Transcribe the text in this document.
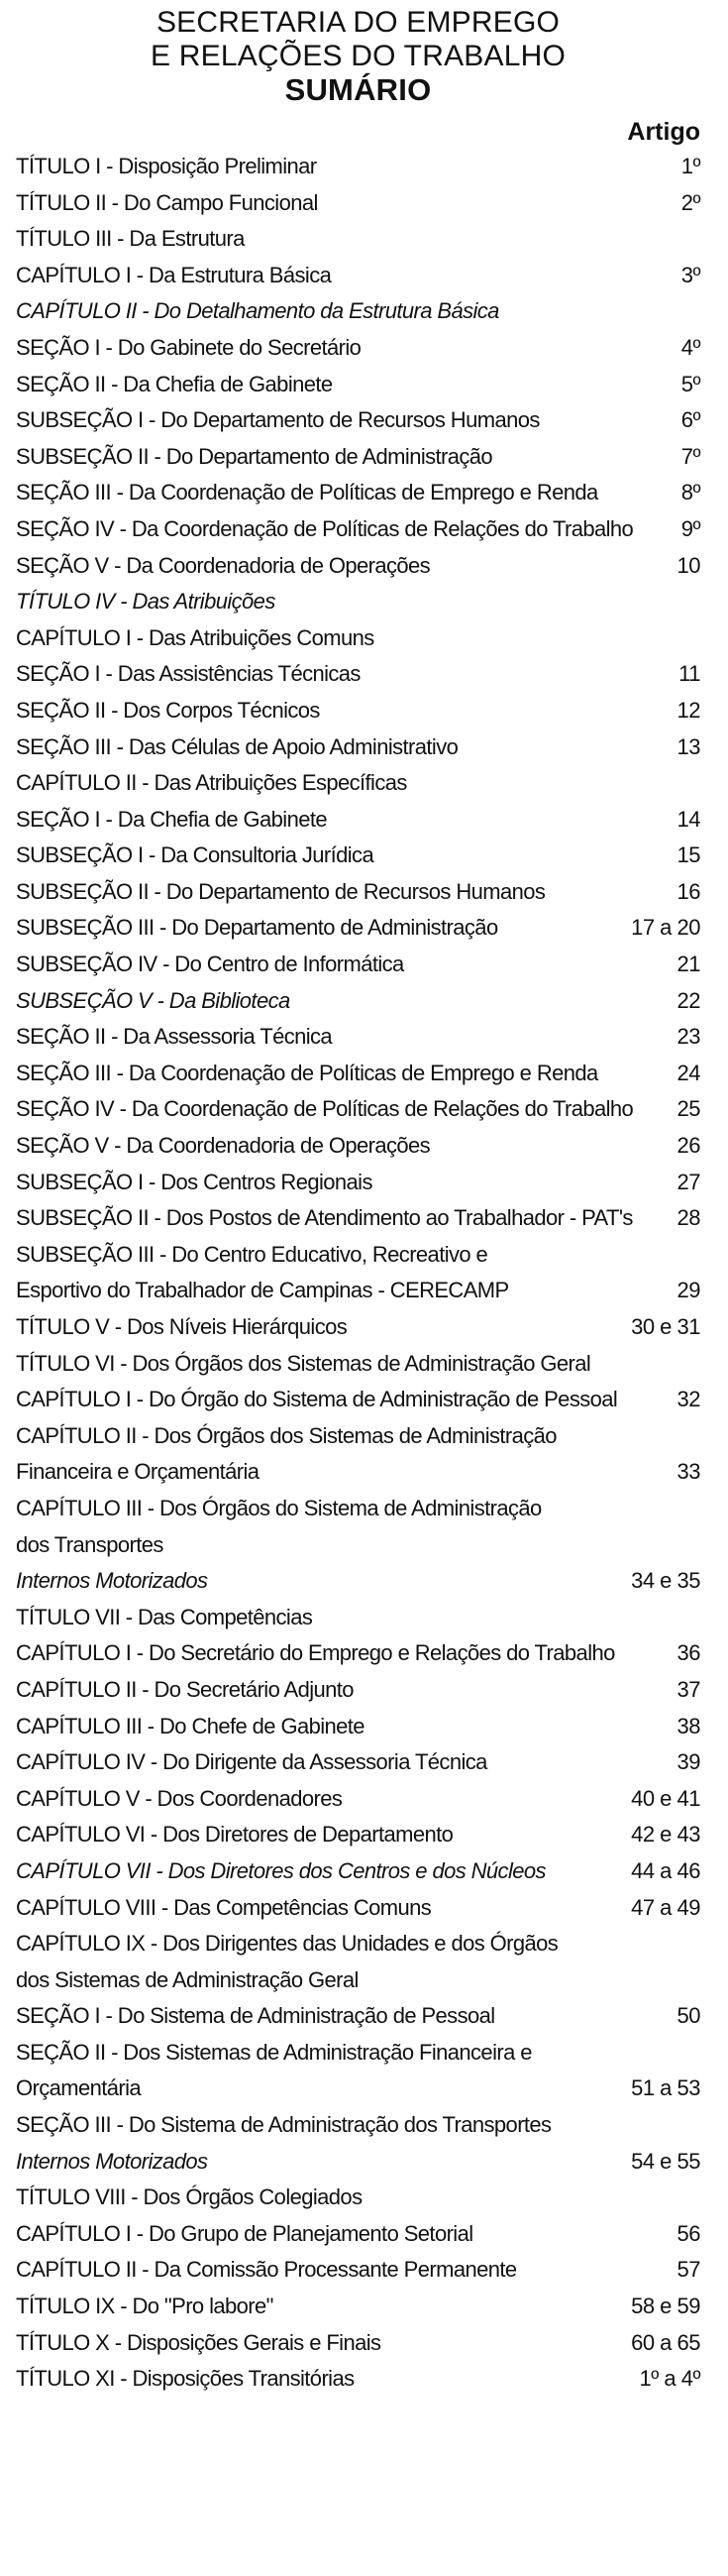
SECRETARIA DO EMPREGO
E RELAÇÕES DO TRABALHO
SUMÁRIO
Artigo
TÍTULO I - Disposição Preliminar	1º
TÍTULO II - Do Campo Funcional	2º
TÍTULO III - Da Estrutura
CAPÍTULO I - Da Estrutura Básica	3º
CAPÍTULO II - Do Detalhamento da Estrutura Básica
SEÇÃO I - Do Gabinete do Secretário	4º
SEÇÃO II - Da Chefia de Gabinete	5º
SUBSEÇÃO I - Do Departamento de Recursos Humanos	6º
SUBSEÇÃO II - Do Departamento de Administração	7º
SEÇÃO III - Da Coordenação de Políticas de Emprego e Renda	8º
SEÇÃO IV - Da Coordenação de Políticas de Relações do Trabalho	9º
SEÇÃO V - Da Coordenadoria de Operações	10
TÍTULO IV - Das Atribuições
CAPÍTULO I - Das Atribuições Comuns
SEÇÃO I - Das Assistências Técnicas	11
SEÇÃO II - Dos Corpos Técnicos	12
SEÇÃO III - Das Células de Apoio Administrativo	13
CAPÍTULO II - Das Atribuições Específicas
SEÇÃO I - Da Chefia de Gabinete	14
SUBSEÇÃO I - Da Consultoria Jurídica	15
SUBSEÇÃO II - Do Departamento de Recursos Humanos	16
SUBSEÇÃO III - Do Departamento de Administração	17 a 20
SUBSEÇÃO IV - Do Centro de Informática	21
SUBSEÇÃO V - Da Biblioteca	22
SEÇÃO II - Da Assessoria Técnica	23
SEÇÃO III - Da Coordenação de Políticas de Emprego e Renda	24
SEÇÃO IV - Da Coordenação de Políticas de Relações do Trabalho	25
SEÇÃO V - Da Coordenadoria de Operações	26
SUBSEÇÃO I - Dos Centros Regionais	27
SUBSEÇÃO II - Dos Postos de Atendimento ao Trabalhador - PAT's	28
SUBSEÇÃO III - Do Centro Educativo, Recreativo e
Esportivo do Trabalhador de Campinas - CERECAMP	29
TÍTULO V - Dos Níveis Hierárquicos	30 e 31
TÍTULO VI - Dos Órgãos dos Sistemas de Administração Geral
CAPÍTULO I - Do Órgão do Sistema de Administração de Pessoal	32
CAPÍTULO II - Dos Órgãos dos Sistemas de Administração
Financeira e Orçamentária	33
CAPÍTULO III - Dos Órgãos do Sistema de Administração
dos Transportes
Internos Motorizados	34 e 35
TÍTULO VII - Das Competências
CAPÍTULO I - Do Secretário do Emprego e Relações do Trabalho	36
CAPÍTULO II - Do Secretário Adjunto	37
CAPÍTULO III - Do Chefe de Gabinete	38
CAPÍTULO IV - Do Dirigente da Assessoria Técnica	39
CAPÍTULO V - Dos Coordenadores	40 e 41
CAPÍTULO VI - Dos Diretores de Departamento	42 e 43
CAPÍTULO VII - Dos Diretores dos Centros e dos Núcleos	44 a 46
CAPÍTULO VIII - Das Competências Comuns	47 a 49
CAPÍTULO IX - Dos Dirigentes das Unidades e dos Órgãos
dos Sistemas de Administração Geral
SEÇÃO I - Do Sistema de Administração de Pessoal	50
SEÇÃO II - Dos Sistemas de Administração Financeira e
Orçamentária	51 a 53
SEÇÃO III - Do Sistema de Administração dos Transportes
Internos Motorizados	54 e 55
TÍTULO VIII - Dos Órgãos Colegiados
CAPÍTULO I - Do Grupo de Planejamento Setorial	56
CAPÍTULO II - Da Comissão Processante Permanente	57
TÍTULO IX - Do "Pro labore"	58 e 59
TÍTULO X - Disposições Gerais e Finais	60 a 65
TÍTULO XI - Disposições Transitórias	1º a 4º
